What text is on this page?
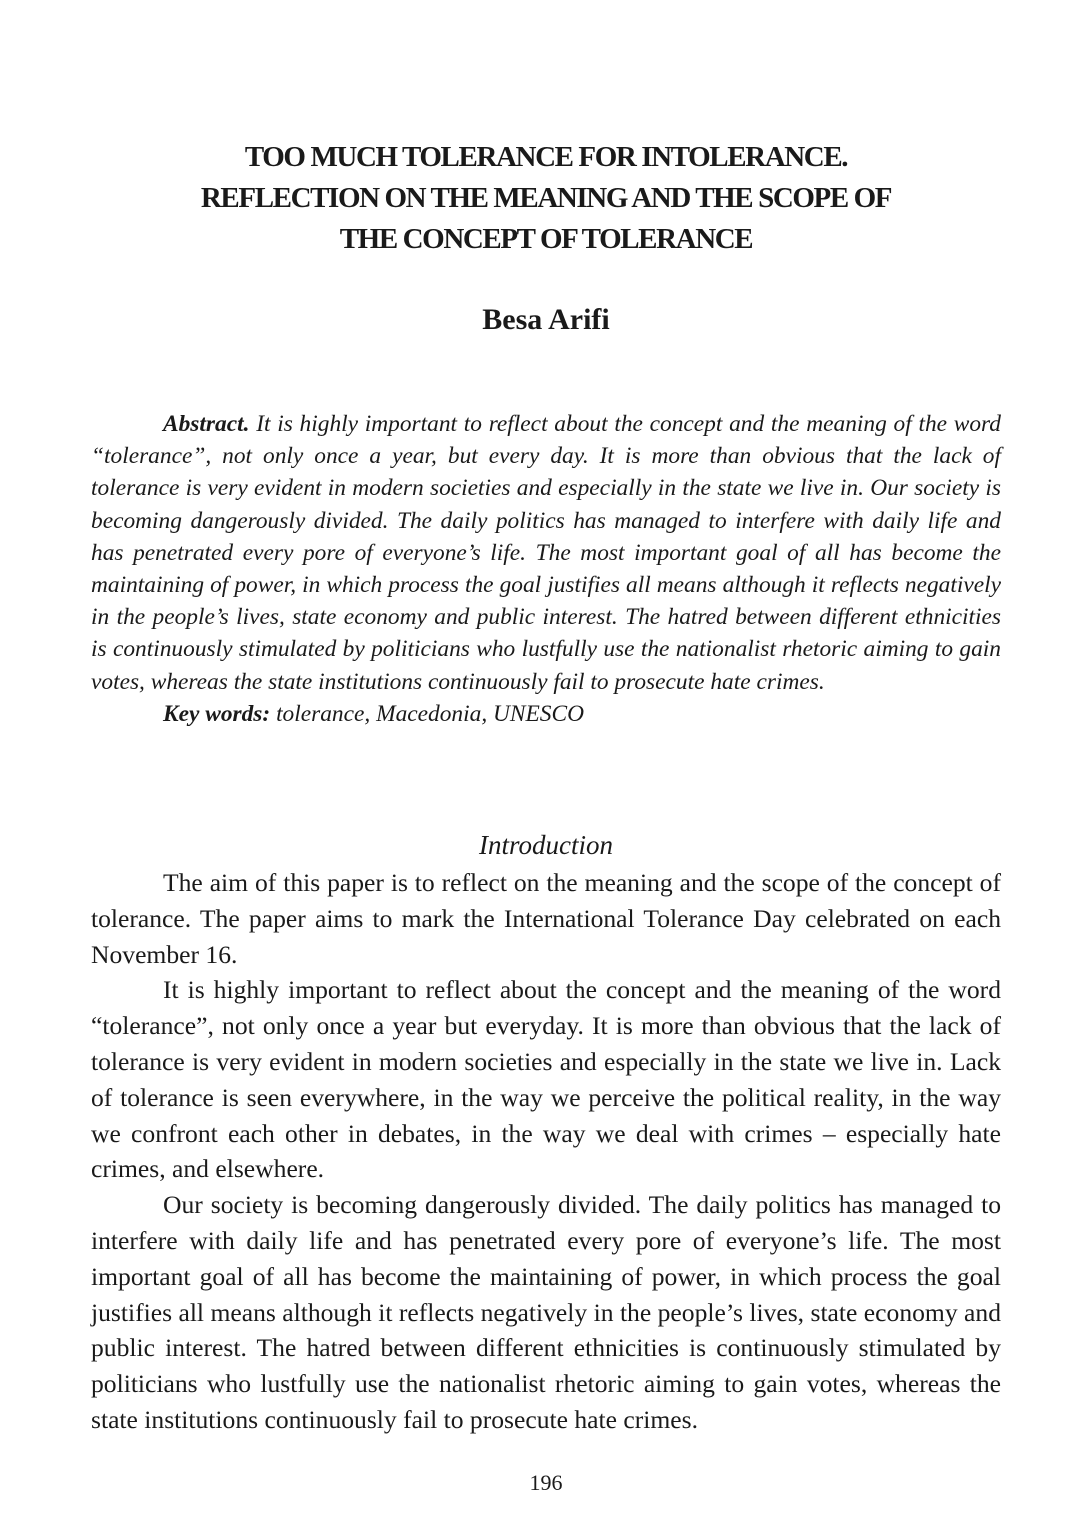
TOO MUCH TOLERANCE FOR INTOLERANCE.
REFLECTION ON THE MEANING AND THE SCOPE OF
THE CONCEPT OF TOLERANCE
Besa Arifi

Abstract. It is highly important to reflect about the concept and the meaning of the word “tolerance”, not only once a year, but every day. It is more than obvious that the lack of tolerance is very evident in modern societies and especially in the state we live in. Our society is becoming dangerously divided. The daily politics has managed to interfere with daily life and has penetrated every pore of everyone’s life. The most important goal of all has become the maintaining of power, in which process the goal justifies all means although it reflects negatively in the people’s lives, state economy and public interest. The hatred between different ethnicities is continuously stimulated by politicians who lustfully use the nationalist rhetoric aiming to gain votes, whereas the state institutions continuously fail to prosecute hate crimes.

Key words: tolerance, Macedonia, UNESCO

Introduction

The aim of this paper is to reflect on the meaning and the scope of the concept of tolerance. The paper aims to mark the International Tolerance Day celebrated on each November 16.

It is highly important to reflect about the concept and the meaning of the word “tolerance”, not only once a year but everyday. It is more than obvious that the lack of tolerance is very evident in modern societies and especially in the state we live in. Lack of tolerance is seen everywhere, in the way we perceive the political reality, in the way we confront each other in debates, in the way we deal with crimes – especially hate crimes, and elsewhere.

Our society is becoming dangerously divided. The daily politics has managed to interfere with daily life and has penetrated every pore of everyone’s life. The most important goal of all has become the maintaining of power, in which process the goal justifies all means although it reflects negatively in the people’s lives, state economy and public interest. The hatred between different ethnicities is continuously stimulated by politicians who lustfully use the nationalist rhetoric aiming to gain votes, whereas the state institutions continuously fail to prosecute hate crimes.

196
